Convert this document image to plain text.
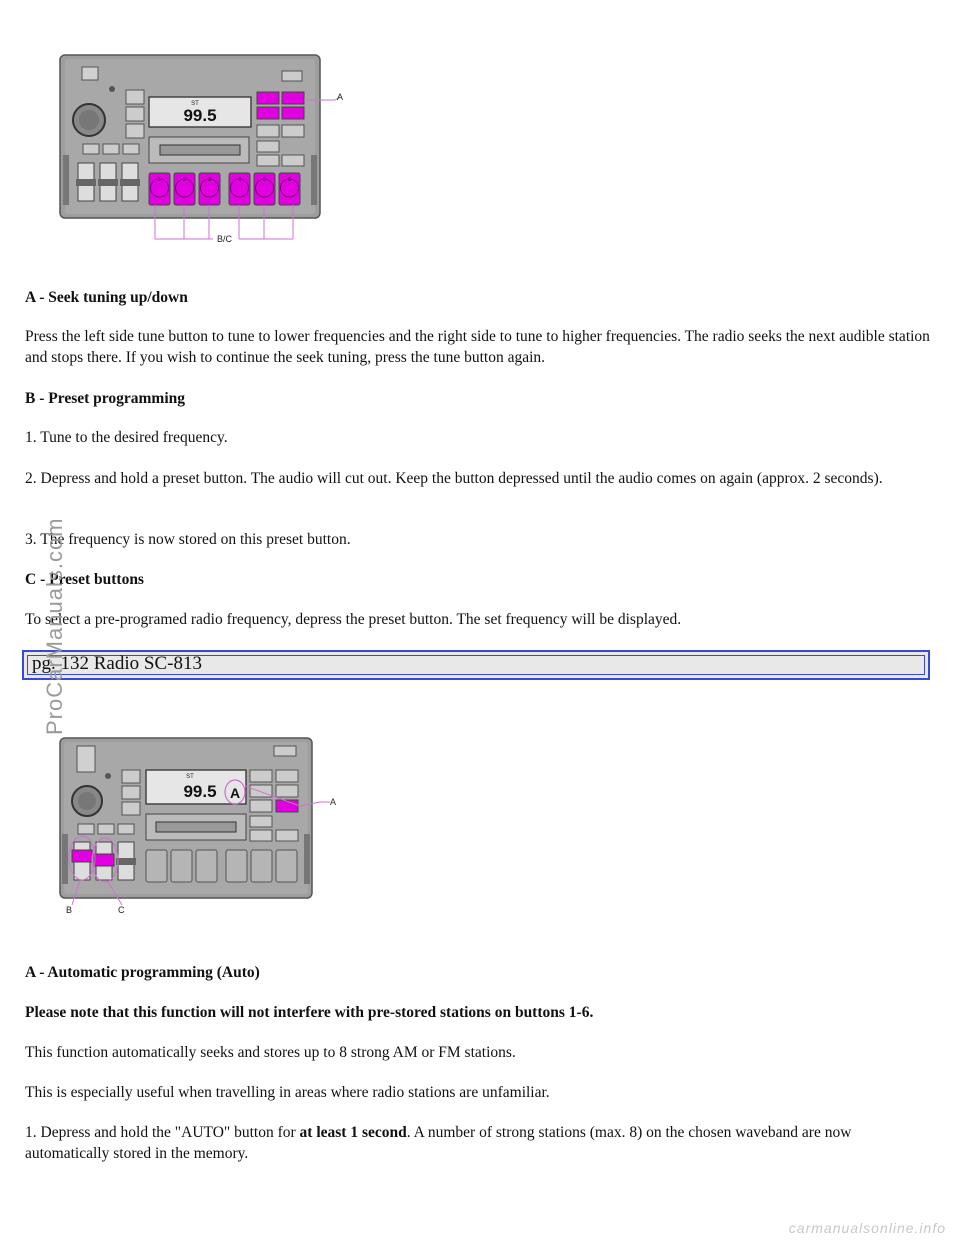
ST
99.5
1	2	3	4	5	6
A
B/C

A - Seek tuning up/down

Press the left side tune button to tune to lower frequencies and the right side to tune to higher frequencies. The radio seeks the next audible station and stops there. If you wish to continue the seek tuning, press the tune button again.

B - Preset programming

1. Tune to the desired frequency.

2. Depress and hold a preset button. The audio will cut out. Keep the button depressed until the audio comes on again (approx. 2 seconds).

3. The frequency is now stored on this preset button.

C - Preset buttons

To select a pre-programed radio frequency, depress the preset button. The set frequency will be displayed.

pg. 132 Radio SC-813
ST
99.5 A
A
B	C

A - Automatic programming (Auto)

Please note that this function will not interfere with pre-stored stations on buttons 1-6.

This function automatically seeks and stores up to 8 strong AM or FM stations.

This is especially useful when travelling in areas where radio stations are unfamiliar.

1. Depress and hold the "AUTO" button for at least 1 second. A number of strong stations (max. 8) on the chosen waveband are now automatically stored in the memory.

ProCarManuals.com
carmanualsonline.info
